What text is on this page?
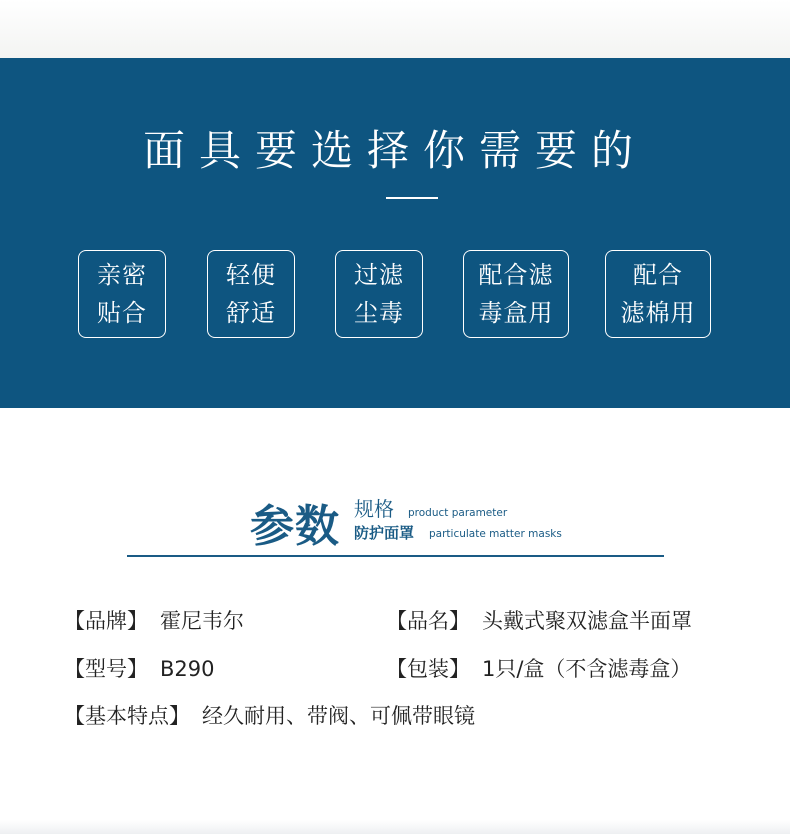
面具要选择你需要的
亲密
贴合
轻便
舒适
过滤
尘毒
配合滤
毒盒用
配合
滤棉用
参数 规格 product parameter
防护面罩 particulate matter masks
【品牌】 霍尼韦尔	【品名】 头戴式聚双滤盒半面罩
【型号】 B290	【包装】 1只/盒（不含滤毒盒）
【基本特点】 经久耐用、带阀、可佩带眼镜
